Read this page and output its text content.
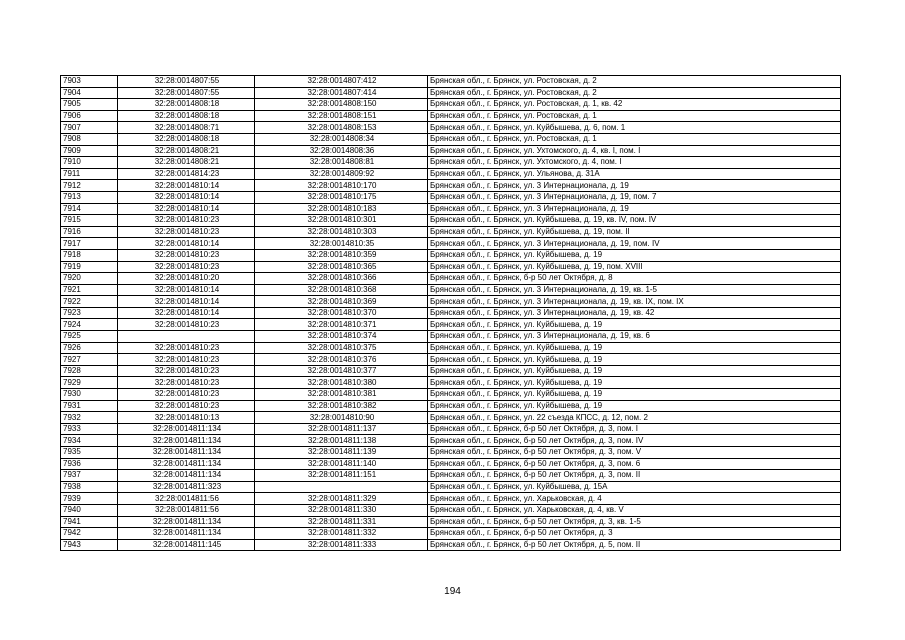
7903	32:28:0014807:55	32:28:0014807:412	Брянская обл., г. Брянск, ул. Ростовская, д. 2
7904	32:28:0014807:55	32:28:0014807:414	Брянская обл., г. Брянск, ул. Ростовская, д. 2
7905	32:28:0014808:18	32:28:0014808:150	Брянская обл., г. Брянск, ул. Ростовская, д. 1, кв. 42
7906	32:28:0014808:18	32:28:0014808:151	Брянская обл., г. Брянск, ул. Ростовская, д. 1
7907	32:28:0014808:71	32:28:0014808:153	Брянская обл., г. Брянск, ул. Куйбышева, д. 6, пом. 1
7908	32:28:0014808:18	32:28:0014808:34	Брянская обл., г. Брянск, ул. Ростовская, д. 1
7909	32:28:0014808:21	32:28:0014808:36	Брянская обл., г. Брянск, ул. Ухтомского, д. 4, кв. I, пом. I
7910	32:28:0014808:21	32:28:0014808:81	Брянская обл., г. Брянск, ул. Ухтомского, д. 4, пом. I
7911	32:28:0014814:23	32:28:0014809:92	Брянская обл., г. Брянск, ул. Ульянова, д. 31А
7912	32:28:0014810:14	32:28:0014810:170	Брянская обл., г. Брянск, ул. 3 Интернационала, д. 19
7913	32:28:0014810:14	32:28:0014810:175	Брянская обл., г. Брянск, ул. 3 Интернационала, д. 19, пом. 7
7914	32:28:0014810:14	32:28:0014810:183	Брянская обл., г. Брянск, ул. 3 Интернационала, д. 19
7915	32:28:0014810:23	32:28:0014810:301	Брянская обл., г. Брянск, ул. Куйбышева, д. 19, кв. IV, пом. IV
7916	32:28:0014810:23	32:28:0014810:303	Брянская обл., г. Брянск, ул. Куйбышева, д. 19, пом. II
7917	32:28:0014810:14	32:28:0014810:35	Брянская обл., г. Брянск, ул. 3 Интернационала, д. 19, пом. IV
7918	32:28:0014810:23	32:28:0014810:359	Брянская обл., г. Брянск, ул. Куйбышева, д. 19
7919	32:28:0014810:23	32:28:0014810:365	Брянская обл., г. Брянск, ул. Куйбышева, д. 19, пом. XVIII
7920	32:28:0014810:20	32:28:0014810:366	Брянская обл., г. Брянск, б-р 50 лет Октября, д. 8
7921	32:28:0014810:14	32:28:0014810:368	Брянская обл., г. Брянск, ул. 3 Интернационала, д. 19, кв. 1-5
7922	32:28:0014810:14	32:28:0014810:369	Брянская обл., г. Брянск, ул. 3 Интернационала, д. 19, кв. IX, пом. IX
7923	32:28:0014810:14	32:28:0014810:370	Брянская обл., г. Брянск, ул. 3 Интернационала, д. 19, кв. 42
7924	32:28:0014810:23	32:28:0014810:371	Брянская обл., г. Брянск, ул. Куйбышева, д. 19
7925		32:28:0014810:374	Брянская обл., г. Брянск, ул. 3 Интернационала, д. 19, кв. 6
7926	32:28:0014810:23	32:28:0014810:375	Брянская обл., г. Брянск, ул. Куйбышева, д. 19
7927	32:28:0014810:23	32:28:0014810:376	Брянская обл., г. Брянск, ул. Куйбышева, д. 19
7928	32:28:0014810:23	32:28:0014810:377	Брянская обл., г. Брянск, ул. Куйбышева, д. 19
7929	32:28:0014810:23	32:28:0014810:380	Брянская обл., г. Брянск, ул. Куйбышева, д. 19
7930	32:28:0014810:23	32:28:0014810:381	Брянская обл., г. Брянск, ул. Куйбышева, д. 19
7931	32:28:0014810:23	32:28:0014810:382	Брянская обл., г. Брянск, ул. Куйбышева, д. 19
7932	32:28:0014810:13	32:28:0014810:90	Брянская обл., г. Брянск, ул. 22 съезда КПСС, д. 12, пом. 2
7933	32:28:0014811:134	32:28:0014811:137	Брянская обл., г. Брянск, б-р 50 лет Октября, д. 3, пом. I
7934	32:28:0014811:134	32:28:0014811:138	Брянская обл., г. Брянск, б-р 50 лет Октября, д. 3, пом. IV
7935	32:28:0014811:134	32:28:0014811:139	Брянская обл., г. Брянск, б-р 50 лет Октября, д. 3, пом. V
7936	32:28:0014811:134	32:28:0014811:140	Брянская обл., г. Брянск, б-р 50 лет Октября, д. 3, пом. 6
7937	32:28:0014811:134	32:28:0014811:151	Брянская обл., г. Брянск, б-р 50 лет Октября, д. 3, пом. II
7938	32:28:0014811:323		Брянская обл., г. Брянск, ул. Куйбышева, д. 15А
7939	32:28:0014811:56	32:28:0014811:329	Брянская обл., г. Брянск, ул. Харьковская, д. 4
7940	32:28:0014811:56	32:28:0014811:330	Брянская обл., г. Брянск, ул. Харьковская, д. 4, кв. V
7941	32:28:0014811:134	32:28:0014811:331	Брянская обл., г. Брянск, б-р 50 лет Октября, д. 3, кв. 1-5
7942	32:28:0014811:134	32:28:0014811:332	Брянская обл., г. Брянск, б-р 50 лет Октября, д. 3
7943	32:28:0014811:145	32:28:0014811:333	Брянская обл., г. Брянск, б-р 50 лет Октября, д. 5, пом. II
194
